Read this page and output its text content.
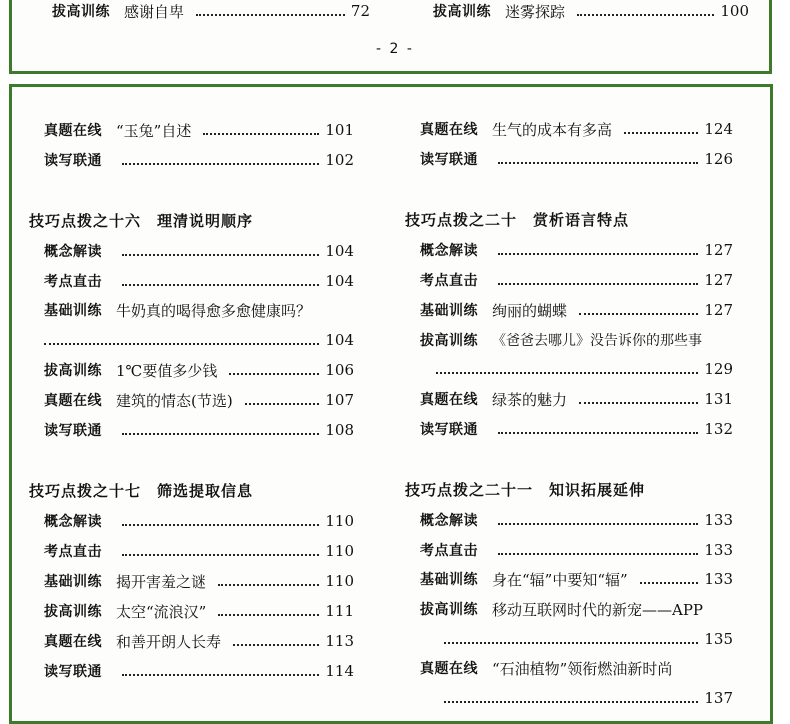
拔高训练 感谢自卑	72	拔高训练 迷雾探踪	100
- 2 -
真题在线 “玉兔”自述	101
读写联通	102
技巧点拨之十六 理清说明顺序
概念解读	104
考点直击	104
基础训练 牛奶真的喝得愈多愈健康吗？
104
拔高训练 1℃要值多少钱	106
真题在线 建筑的情态(节选)	107
读写联通	108
技巧点拨之十七 筛选提取信息
概念解读	110
考点直击	110
基础训练 揭开害羞之谜	110
拔高训练 太空“流浪汉”	111
真题在线 和善开朗人长寿	113
读写联通	114
真题在线 生气的成本有多高	124
读写联通	126
技巧点拨之二十 赏析语言特点
概念解读	127
考点直击	127
基础训练 绚丽的蝴蝶	127
拔高训练 《爸爸去哪儿》没告诉你的那些事
129
真题在线 绿茶的魅力	131
读写联通	132
技巧点拨之二十一 知识拓展延伸
概念解读	133
考点直击	133
基础训练 身在“辐”中要知“辐”	133
拔高训练 移动互联网时代的新宠——APP
135
真题在线 “石油植物”领衔燃油新时尚
137
